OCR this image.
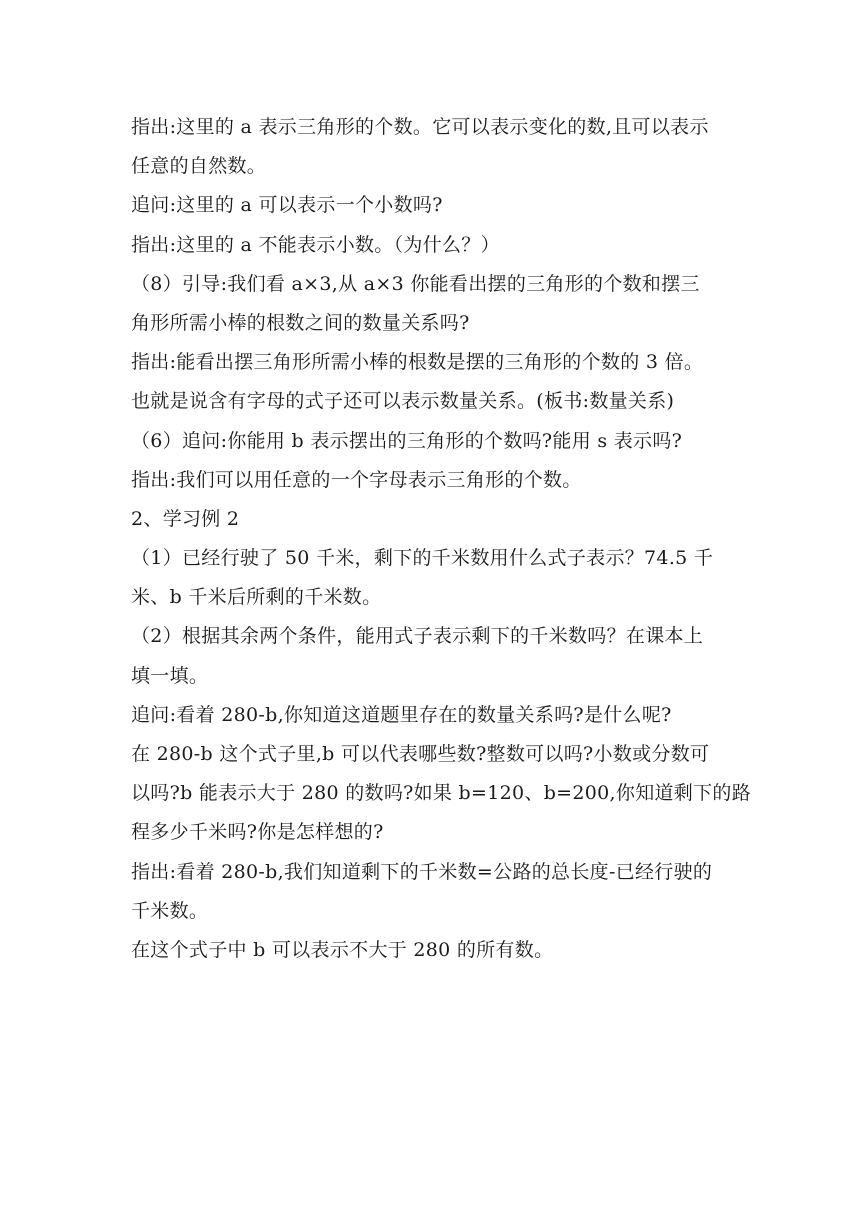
指出:这里的 a 表示三角形的个数。它可以表示变化的数,且可以表示
任意的自然数。
追问:这里的 a 可以表示一个小数吗?
指出:这里的 a 不能表示小数。（为什么？）
（8）引导:我们看 a×3,从 a×3 你能看出摆的三角形的个数和摆三
角形所需小棒的根数之间的数量关系吗?
指出:能看出摆三角形所需小棒的根数是摆的三角形的个数的 3 倍。
也就是说含有字母的式子还可以表示数量关系。(板书:数量关系)
（6）追问:你能用 b 表示摆出的三角形的个数吗?能用 s 表示吗?
指出:我们可以用任意的一个字母表示三角形的个数。
2、学习例 2
（1）已经行驶了 50 千米，剩下的千米数用什么式子表示？74.5 千
米、b 千米后所剩的千米数。
（2）根据其余两个条件，能用式子表示剩下的千米数吗？在课本上
填一填。
追问:看着 280-b,你知道这道题里存在的数量关系吗?是什么呢?
在 280-b 这个式子里,b 可以代表哪些数?整数可以吗?小数或分数可
以吗?b 能表示大于 280 的数吗?如果 b=120、b=200,你知道剩下的路
程多少千米吗?你是怎样想的?
指出:看着 280-b,我们知道剩下的千米数=公路的总长度-已经行驶的
千米数。
在这个式子中 b 可以表示不大于 280 的所有数。
